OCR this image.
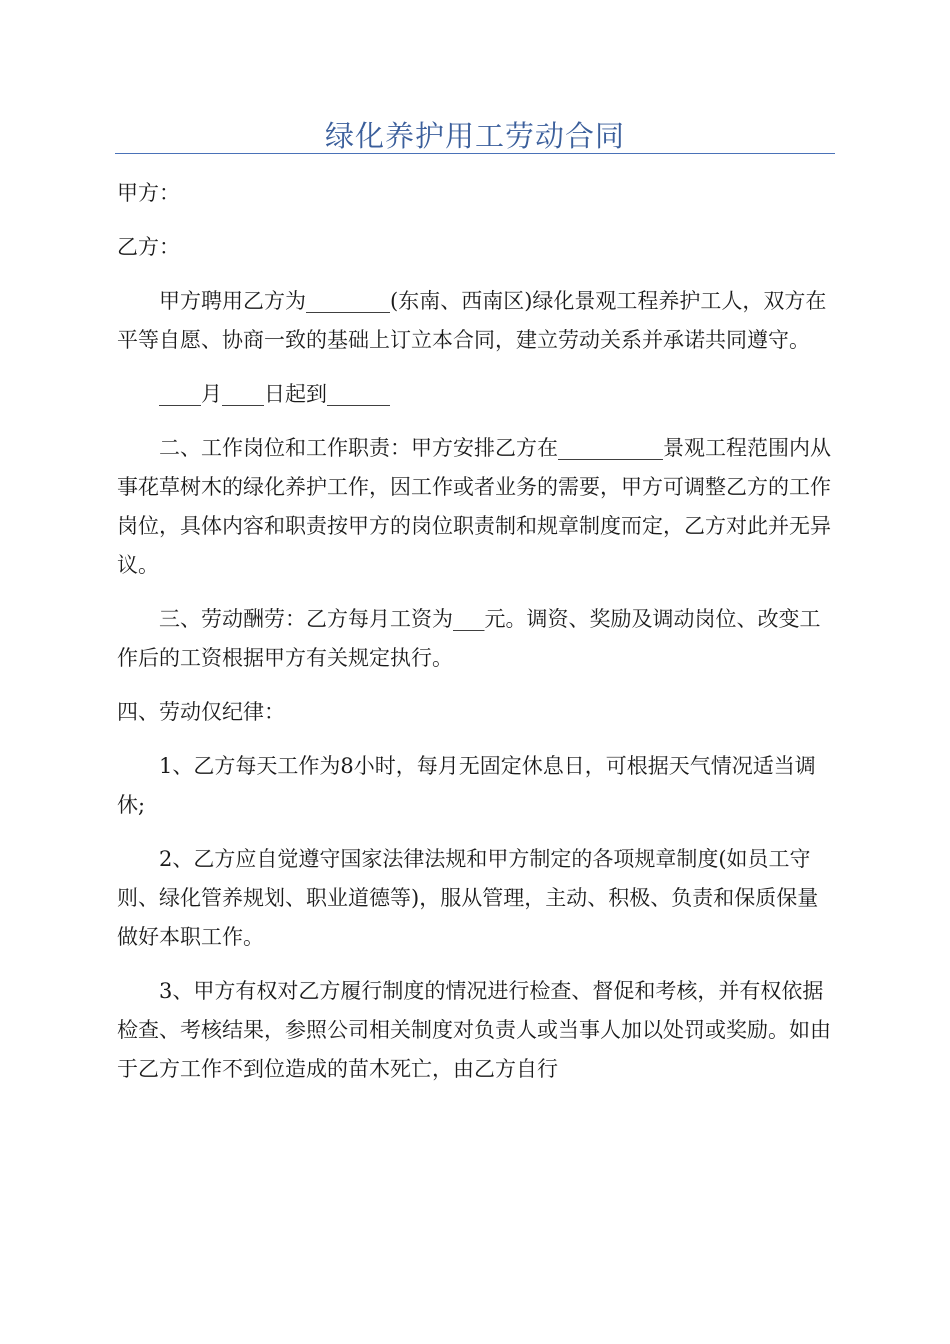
绿化养护用工劳动合同

甲方：

乙方：

甲方聘用乙方为________(东南、西南区)绿化景观工程养护工人，双方在平等自愿、协商一致的基础上订立本合同，建立劳动关系并承诺共同遵守。

____月____日起到______

二、工作岗位和工作职责：甲方安排乙方在__________景观工程范围内从事花草树木的绿化养护工作，因工作或者业务的需要，甲方可调整乙方的工作岗位，具体内容和职责按甲方的岗位职责制和规章制度而定，乙方对此并无异议。

三、劳动酬劳：乙方每月工资为___元。调资、奖励及调动岗位、改变工作后的工资根据甲方有关规定执行。

四、劳动仅纪律：

1、乙方每天工作为8小时，每月无固定休息日，可根据天气情况适当调休;

2、乙方应自觉遵守国家法律法规和甲方制定的各项规章制度(如员工守则、绿化管养规划、职业道德等)，服从管理，主动、积极、负责和保质保量做好本职工作。

3、甲方有权对乙方履行制度的情况进行检查、督促和考核，并有权依据检查、考核结果，参照公司相关制度对负责人或当事人加以处罚或奖励。如由于乙方工作不到位造成的苗木死亡，由乙方自行
